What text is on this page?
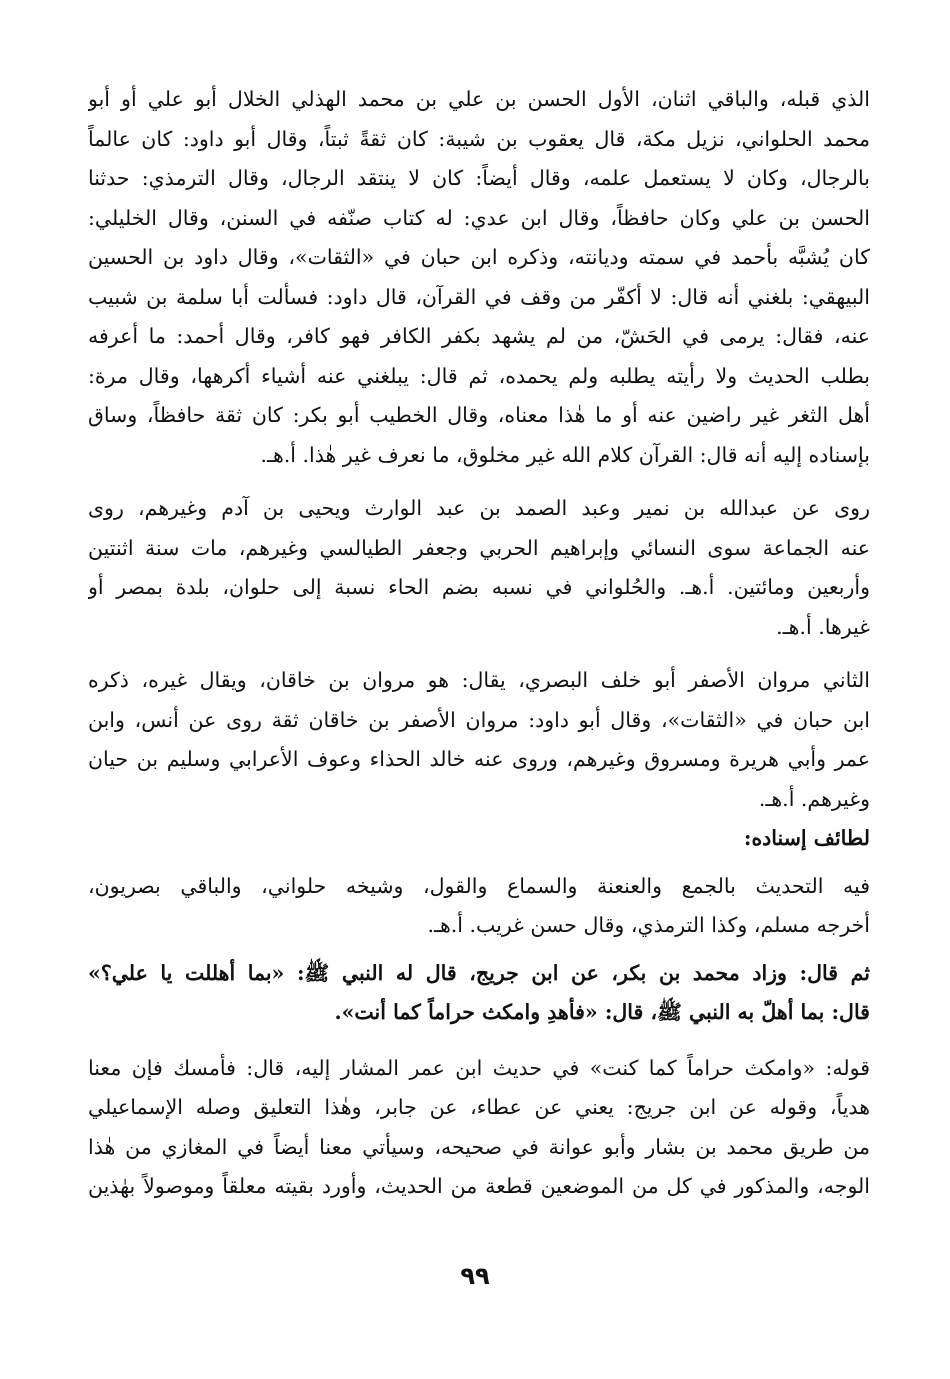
الذي قبله، والباقي اثنان، الأول الحسن بن علي بن محمد الهذلي الخلال أبو علي أو أبو
محمد الحلواني، نزيل مكة، قال يعقوب بن شيبة: كان ثقةً ثبتاً، وقال أبو داود: كان عالماً
بالرجال، وكان لا يستعمل علمه، وقال أيضاً: كان لا ينتقد الرجال، وقال الترمذي: حدثنا
الحسن بن علي وكان حافظاً، وقال ابن عدي: له كتاب صنّفه في السنن، وقال الخليلي:
كان يُشبَّه بأحمد في سمته وديانته، وذكره ابن حبان في «الثقات»، وقال داود بن الحسين
البيهقي: بلغني أنه قال: لا أكفّر من وقف في القرآن، قال داود: فسألت أبا سلمة بن شبيب
عنه، فقال: يرمى في الحَشّ، من لم يشهد بكفر الكافر فهو كافر، وقال أحمد: ما أعرفه
بطلب الحديث ولا رأيته يطلبه ولم يحمده، ثم قال: يبلغني عنه أشياء أكرهها، وقال مرة:
أهل الثغر غير راضين عنه أو ما هٰذا معناه، وقال الخطيب أبو بكر: كان ثقة حافظاً، وساق
بإسناده إليه أنه قال: القرآن كلام الله غير مخلوق، ما نعرف غير هٰذا. أ.هـ.
روى عن عبدالله بن نمير وعبد الصمد بن عبد الوارث ويحيى بن آدم وغيرهم، روى
عنه الجماعة سوى النسائي وإبراهيم الحربي وجعفر الطيالسي وغيرهم، مات سنة اثنتين
وأربعين ومائتين. أ.هـ. والحُلواني في نسبه بضم الحاء نسبة إلى حلوان، بلدة بمصر أو
غيرها. أ.هـ.
الثاني مروان الأصفر أبو خلف البصري، يقال: هو مروان بن خاقان، ويقال غيره، ذكره
ابن حبان في «الثقات»، وقال أبو داود: مروان الأصفر بن خاقان ثقة روى عن أنس، وابن
عمر وأبي هريرة ومسروق وغيرهم، وروى عنه خالد الحذاء وعوف الأعرابي وسليم بن حيان
وغيرهم. أ.هـ.
لطائف إسناده:
فيه التحديث بالجمع والعنعنة والسماع والقول، وشيخه حلواني، والباقي بصريون،
أخرجه مسلم، وكذا الترمذي، وقال حسن غريب. أ.هـ.
ثم قال: وزاد محمد بن بكر، عن ابن جريج، قال له النبي ﷺ: «بما أهللت يا علي؟»
قال: بما أهلّ به النبي ﷺ، قال: «فأهدِ وامكث حراماً كما أنت».
قوله: «وامكث حراماً كما كنت» في حديث ابن عمر المشار إليه، قال: فأمسك فإن معنا
هدياً، وقوله عن ابن جريج: يعني عن عطاء، عن جابر، وهٰذا التعليق وصله الإسماعيلي
من طريق محمد بن بشار وأبو عوانة في صحيحه، وسيأتي معنا أيضاً في المغازي من هٰذا
الوجه، والمذكور في كل من الموضعين قطعة من الحديث، وأورد بقيته معلقاً وموصولاً بهٰذين
٩٩
